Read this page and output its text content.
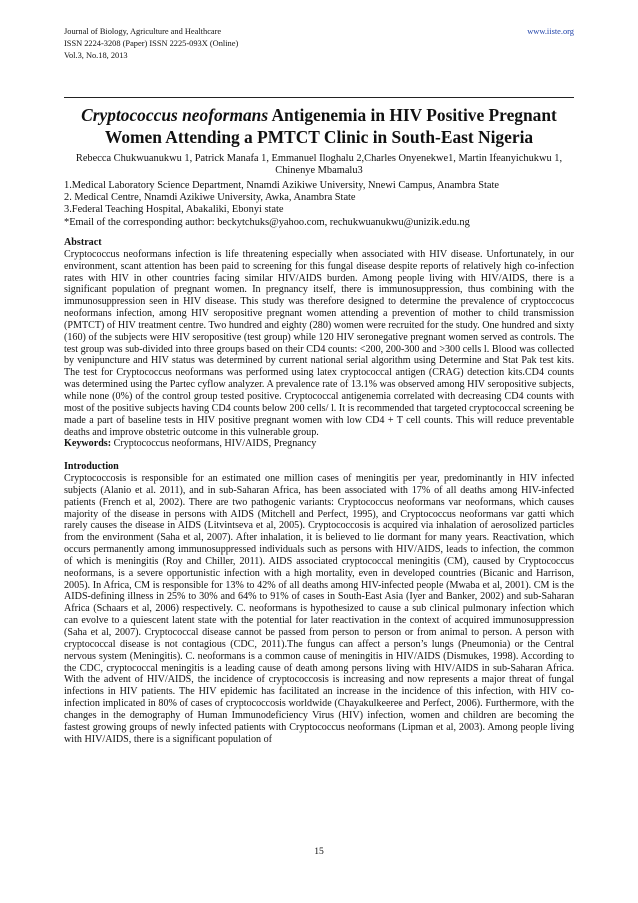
Journal of Biology, Agriculture and Healthcare
ISSN 2224-3208 (Paper) ISSN 2225-093X (Online)
Vol.3, No.18, 2013
www.iiste.org
Cryptococcus neoformans Antigenemia in HIV Positive Pregnant Women Attending a PMTCT Clinic in South-East Nigeria
Rebecca Chukwuanukwu 1, Patrick Manafa 1, Emmanuel Iloghalu 2,Charles Onyenekwe1, Martin Ifeanyichukwu 1, Chinenye Mbamalu3
1.Medical Laboratory Science Department, Nnamdi Azikiwe University, Nnewi Campus, Anambra State
2. Medical Centre, Nnamdi Azikiwe University, Awka, Anambra State
3.Federal Teaching Hospital, Abakaliki, Ebonyi state
*Email of the corresponding author: beckytchuks@yahoo.com, rechukwuanukwu@unizik.edu.ng
Abstract

Cryptococcus neoformans infection is life threatening especially when associated with HIV disease. Unfortunately, in our environment, scant attention has been paid to screening for this fungal disease despite reports of relatively high co-infection rates with HIV in other countries facing similar HIV/AIDS burden. Among people living with HIV/AIDS, there is a significant population of pregnant women. In pregnancy itself, there is immunosuppression, thus combining with the immunosuppression seen in HIV disease. This study was therefore designed to determine the prevalence of cryptoccocus neoformans infection, among HIV seropositive pregnant women attending a prevention of mother to child transmission (PMTCT) of HIV treatment centre. Two hundred and eighty (280) women were recruited for the study. One hundred and sixty (160) of the subjects were HIV seropositive (test group) while 120 HIV seronegative pregnant women served as controls. The test group was sub-divided into three groups based on their CD4 counts: <200, 200-300 and >300 cells l. Blood was collected by venipuncture and HIV status was determined by current national serial algorithm using Determine and Stat Pak test kits. The test for Cryptococcus neoformans was performed using latex cryptococcal antigen (CRAG) detection kits.CD4 counts was determined using the Partec cyflow analyzer. A prevalence rate of 13.1% was observed among HIV seropositive subjects, while none (0%) of the control group tested positive. Cryptococcal antigenemia correlated with decreasing CD4 counts with most of the positive subjects having CD4 counts below 200 cells/ l. It is recommended that targeted cryptococcal screening be made a part of baseline tests in HIV positive pregnant women with low CD4 + T cell counts. This will reduce preventable deaths and improve obstetric outcome in this vulnerable group.

Keywords: Cryptococcus neoformans, HIV/AIDS, Pregnancy

Introduction

Cryptococcosis is responsible for an estimated one million cases of meningitis per year, predominantly in HIV infected subjects (Alanio et al. 2011), and in sub-Saharan Africa, has been associated with 17% of all deaths among HIV-infected patients (French et al, 2002). There are two pathogenic variants: Cryptococcus neoformans var neoformans, which causes majority of the disease in persons with AIDS (Mitchell and Perfect, 1995), and Cryptococcus neoformans var gatti which rarely causes the disease in AIDS (Litvintseva et al, 2005). Cryptococcosis is acquired via inhalation of aerosolized particles from the environment (Saha et al, 2007). After inhalation, it is believed to lie dormant for many years. Reactivation, which occurs permanently among immunosuppressed individuals such as persons with HIV/AIDS, leads to infection, the common of which is meningitis (Roy and Chiller, 2011). AIDS associated cryptococcal meningitis (CM), caused by Cryptococcus neoformans, is a severe opportunistic infection with a high mortality, even in developed countries (Bicanic and Harrison, 2005). In Africa, CM is responsible for 13% to 42% of all deaths among HIV-infected people (Mwaba et al, 2001). CM is the AIDS-defining illness in 25% to 30% and 64% to 91% of cases in South-East Asia (Iyer and Banker, 2002) and sub-Saharan Africa (Schaars et al, 2006) respectively. C. neoformans is hypothesized to cause a sub clinical pulmonary infection which can evolve to a quiescent latent state with the potential for later reactivation in the context of acquired immunosuppression (Saha et al, 2007). Cryptococcal disease cannot be passed from person to person or from animal to person. A person with cryptococcal disease is not contagious (CDC, 2011).The fungus can affect a person’s lungs (Pneumonia) or the Central nervous system (Meningitis). C. neoformans is a common cause of meningitis in HIV/AIDS (Dismukes, 1998). According to the CDC, cryptococcal meningitis is a leading cause of death among persons living with HIV/AIDS in sub-Saharan Africa. With the advent of HIV/AIDS, the incidence of cryptococcosis is increasing and now represents a major threat of fungal infections in HIV patients. The HIV epidemic has facilitated an increase in the incidence of this infection, with HIV co-infection implicated in 80% of cases of cryptococcosis worldwide (Chayakulkeeree and Perfect, 2006). Furthermore, with the changes in the demography of Human Immunodeficiency Virus (HIV) infection, women and children are becoming the fastest growing groups of newly infected patients with Cryptococcus neoformans (Lipman et al, 2003). Among people living with HIV/AIDS, there is a significant population of

15
